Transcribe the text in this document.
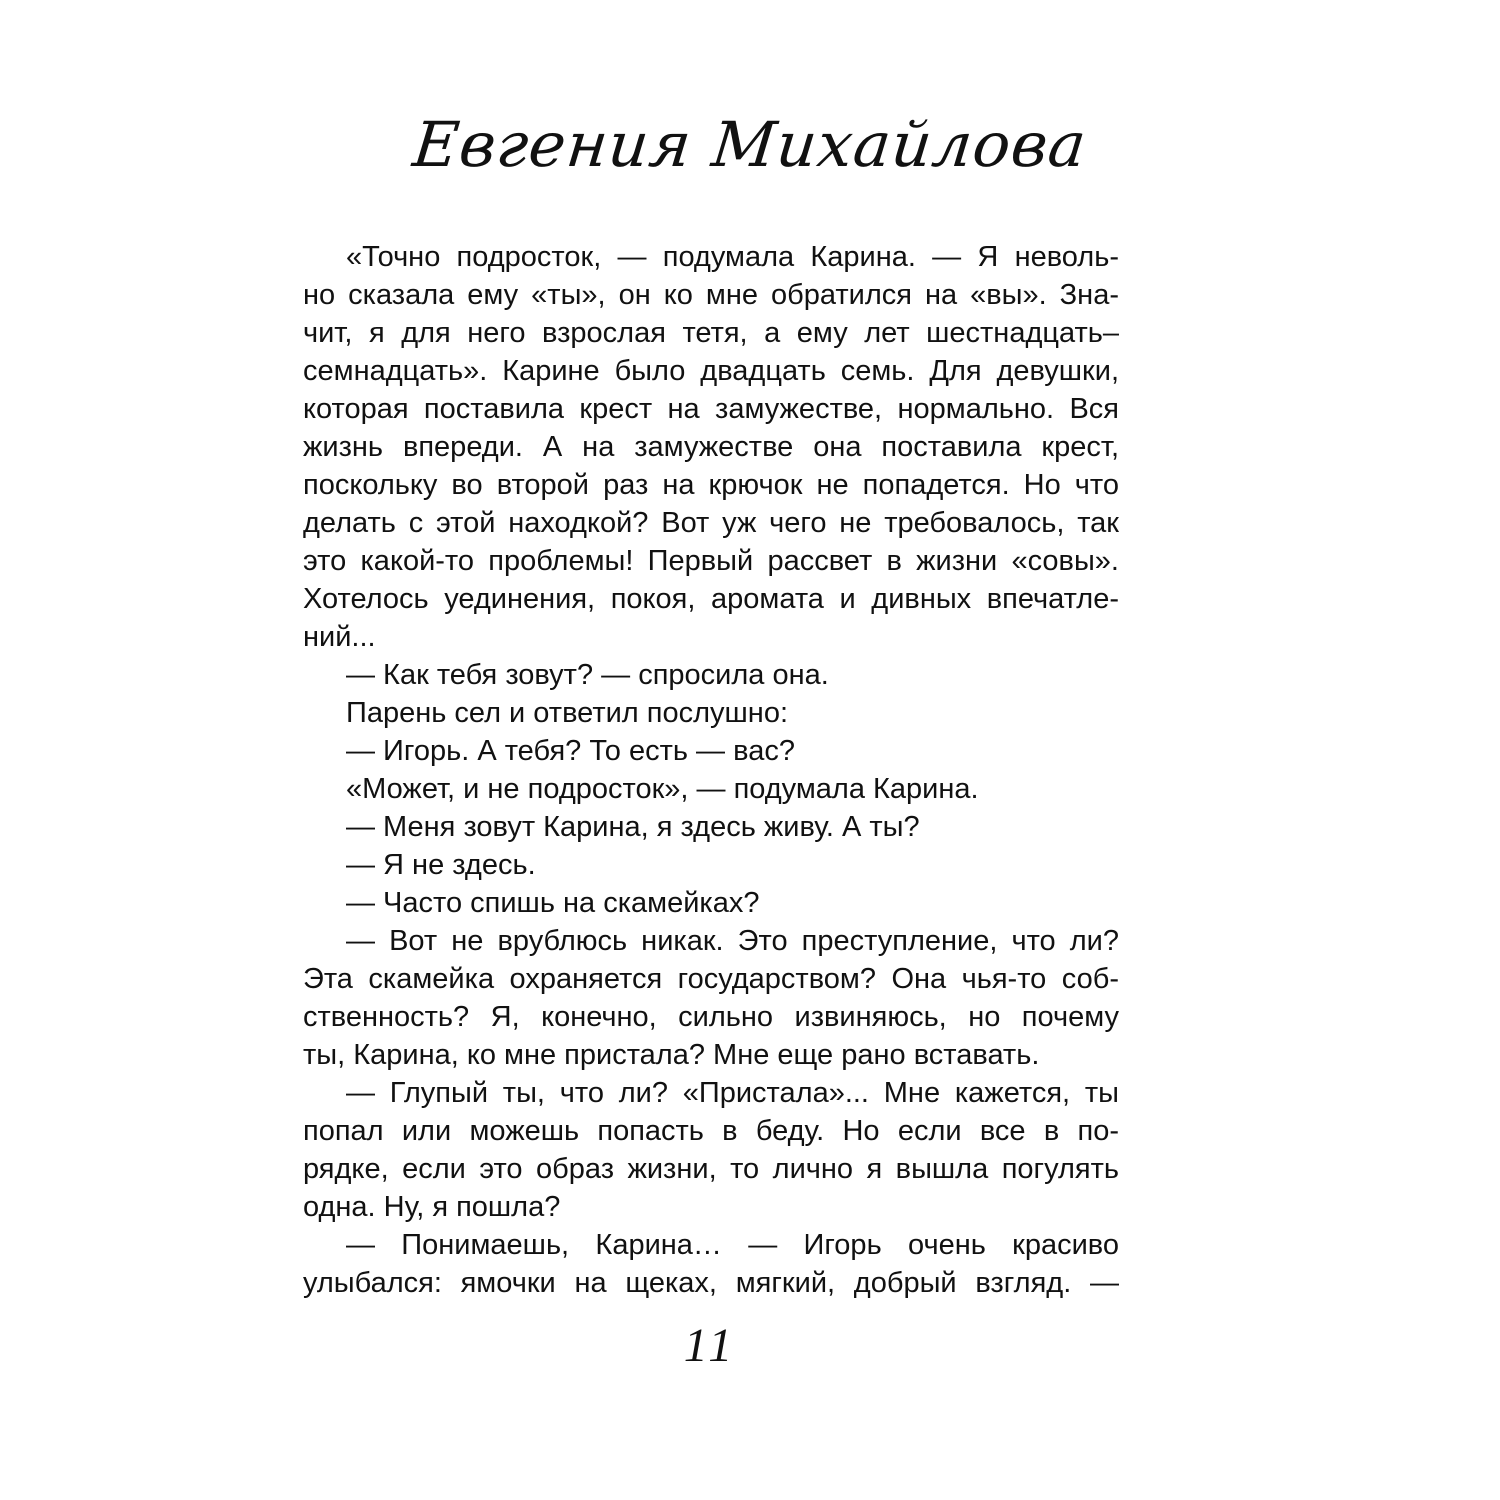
Евгения Михайлова
«Точно подросток, — подумала Карина. — Я неволь-
но сказала ему «ты», он ко мне обратился на «вы». Зна-
чит, я для него взрослая тетя, а ему лет шестнадцать–
семнадцать». Карине было двадцать семь. Для девушки,
которая поставила крест на замужестве, нормально. Вся
жизнь впереди. А на замужестве она поставила крест,
поскольку во второй раз на крючок не попадется. Но что
делать с этой находкой? Вот уж чего не требовалось, так
это какой-то проблемы! Первый рассвет в жизни «совы».
Хотелось уединения, покоя, аромата и дивных впечатле-
ний...
— Как тебя зовут? — спросила она.
Парень сел и ответил послушно:
— Игорь. А тебя? То есть — вас?
«Может, и не подросток», — подумала Карина.
— Меня зовут Карина, я здесь живу. А ты?
— Я не здесь.
— Часто спишь на скамейках?
— Вот не врублюсь никак. Это преступление, что ли?
Эта скамейка охраняется государством? Она чья-то соб-
ственность? Я, конечно, сильно извиняюсь, но почему
ты, Карина, ко мне пристала? Мне еще рано вставать.
— Глупый ты, что ли? «Пристала»... Мне кажется, ты
попал или можешь попасть в беду. Но если все в по-
рядке, если это образ жизни, то лично я вышла погулять
одна. Ну, я пошла?
— Понимаешь, Карина… — Игорь очень красиво
улыбался: ямочки на щеках, мягкий, добрый взгляд. —
11
